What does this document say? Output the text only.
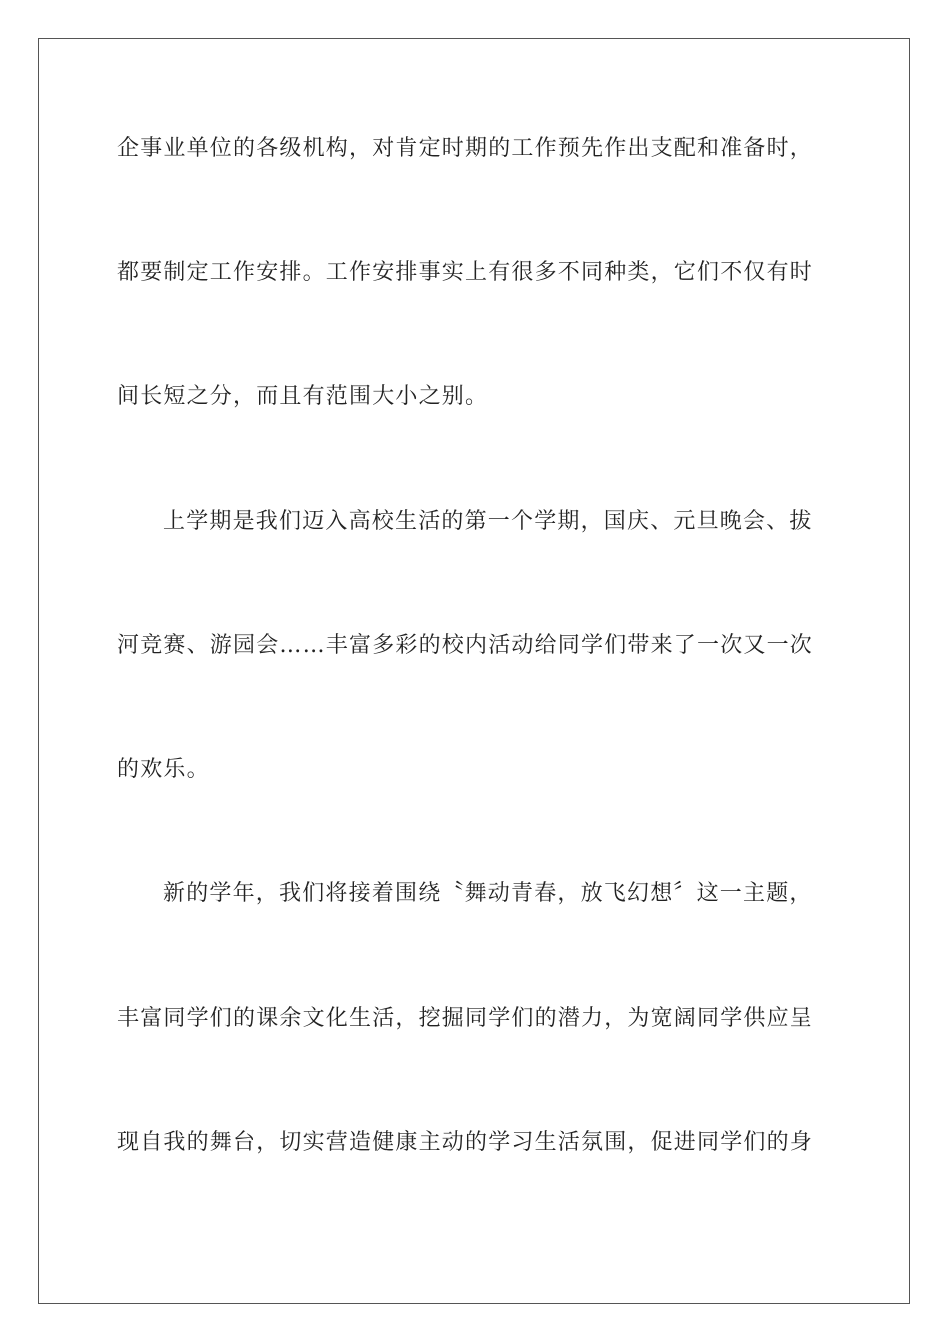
企事业单位的各级机构，对肯定时期的工作预先作出支配和准备时，
都要制定工作安排。工作安排事实上有很多不同种类，它们不仅有时
间长短之分，而且有范围大小之别。
上学期是我们迈入高校生活的第一个学期，国庆、元旦晚会、拔
河竞赛、游园会……丰富多彩的校内活动给同学们带来了一次又一次
的欢乐。
新的学年，我们将接着围绕〝舞动青春，放飞幻想〞这一主题，
丰富同学们的课余文化生活，挖掘同学们的潜力，为宽阔同学供应呈
现自我的舞台，切实营造健康主动的学习生活氛围，促进同学们的身
